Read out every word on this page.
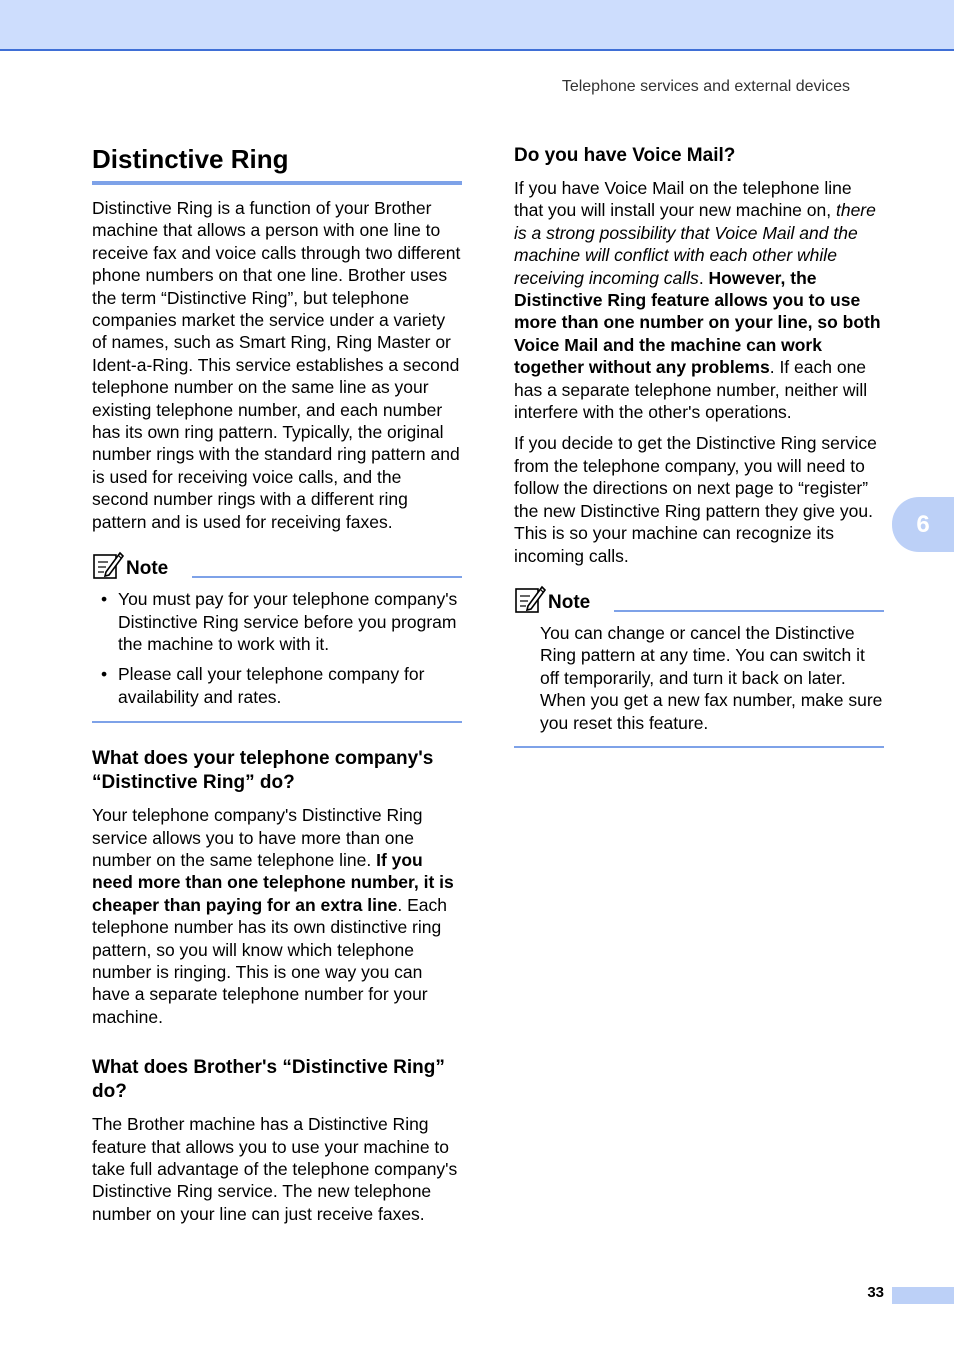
Telephone services and external devices
Distinctive Ring

Distinctive Ring is a function of your Brother machine that allows a person with one line to receive fax and voice calls through two different phone numbers on that one line. Brother uses the term “Distinctive Ring”, but telephone companies market the service under a variety of names, such as Smart Ring, Ring Master or Ident-a-Ring. This service establishes a second telephone number on the same line as your existing telephone number, and each number has its own ring pattern. Typically, the original number rings with the standard ring pattern and is used for receiving voice calls, and the second number rings with a different ring pattern and is used for receiving faxes.

Note
• You must pay for your telephone company's Distinctive Ring service before you program the machine to work with it.
• Please call your telephone company for availability and rates.
What does your telephone company's “Distinctive Ring” do?

Your telephone company's Distinctive Ring service allows you to have more than one number on the same telephone line. If you need more than one telephone number, it is cheaper than paying for an extra line. Each telephone number has its own distinctive ring pattern, so you will know which telephone number is ringing. This is one way you can have a separate telephone number for your machine.

What does Brother's “Distinctive Ring” do?

The Brother machine has a Distinctive Ring feature that allows you to use your machine to take full advantage of the telephone company's Distinctive Ring service. The new telephone number on your line can just receive faxes.

Do you have Voice Mail?

If you have Voice Mail on the telephone line that you will install your new machine on, there is a strong possibility that Voice Mail and the machine will conflict with each other while receiving incoming calls. However, the Distinctive Ring feature allows you to use more than one number on your line, so both Voice Mail and the machine can work together without any problems. If each one has a separate telephone number, neither will interfere with the other's operations.

If you decide to get the Distinctive Ring service from the telephone company, you will need to follow the directions on next page to “register” the new Distinctive Ring pattern they give you. This is so your machine can recognize its incoming calls.

Note

You can change or cancel the Distinctive Ring pattern at any time. You can switch it off temporarily, and turn it back on later. When you get a new fax number, make sure you reset this feature.

6
33
